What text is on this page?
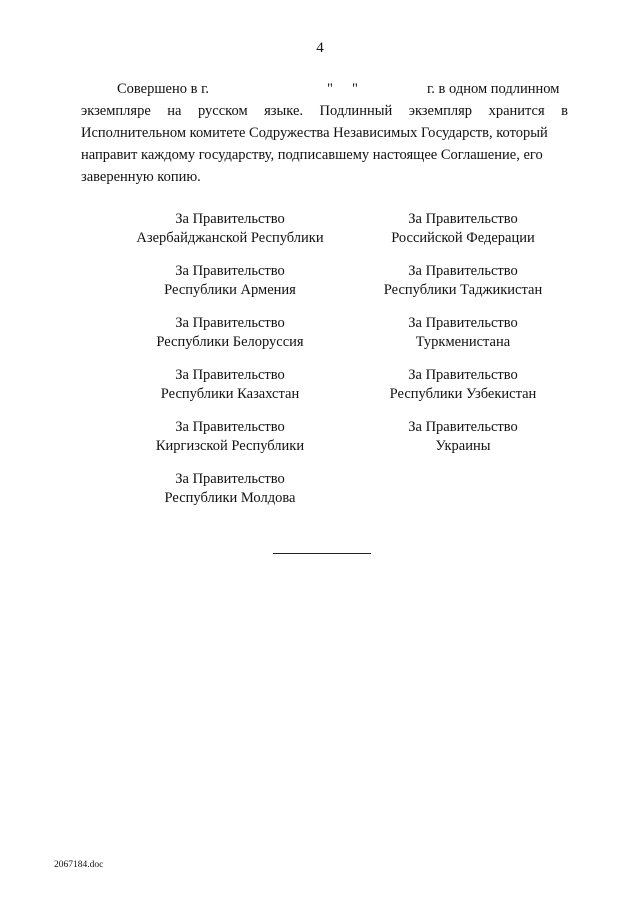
4
Совершено в г.	" "	г. в одном подлинном
экземпляре на русском языке. Подлинный экземпляр хранится в
Исполнительном комитете Содружества Независимых Государств, который
направит каждому государству, подписавшему настоящее Соглашение, его
заверенную копию.
За Правительство
Азербайджанской Республики
За Правительство
Республики Армения
За Правительство
Республики Белоруссия
За Правительство
Республики Казахстан
За Правительство
Киргизской Республики
За Правительство
Республики Молдова
За Правительство
Российской Федерации
За Правительство
Республики Таджикистан
За Правительство
Туркменистана
За Правительство
Республики Узбекистан
За Правительство
Украины
2067184.doc
